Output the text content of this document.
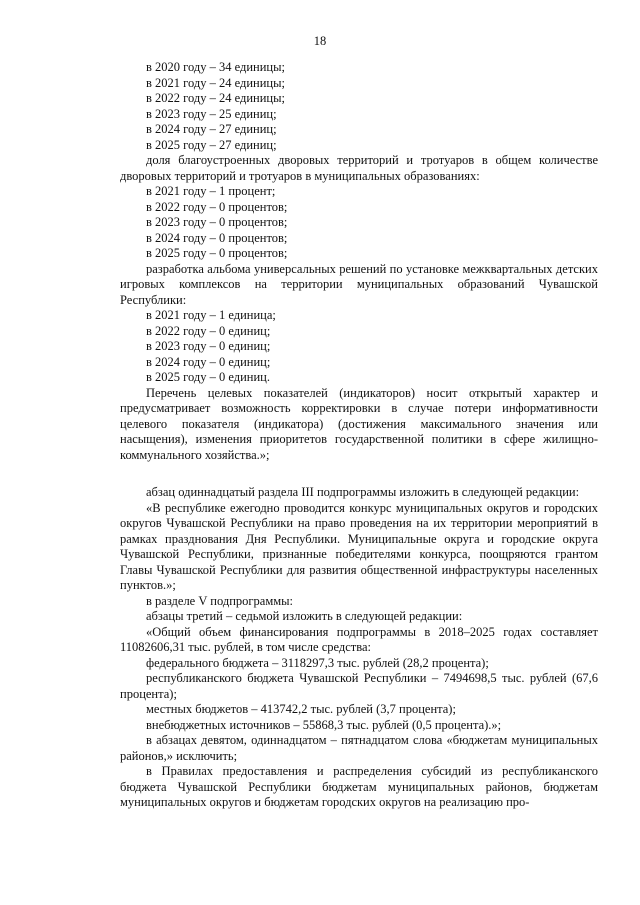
18
в 2020 году – 34 единицы;
в 2021 году – 24 единицы;
в 2022 году – 24 единицы;
в 2023 году – 25 единиц;
в 2024 году – 27 единиц;
в 2025 году – 27 единиц;
доля благоустроенных дворовых территорий и тротуаров в общем количестве дворовых территорий и тротуаров в муниципальных образованиях:
в 2021 году – 1 процент;
в 2022 году – 0 процентов;
в 2023 году – 0 процентов;
в 2024 году – 0 процентов;
в 2025 году – 0 процентов;
разработка альбома универсальных решений по установке межквартальных детских игровых комплексов на территории муниципальных образований Чувашской Республики:
в 2021 году – 1 единица;
в 2022 году – 0 единиц;
в 2023 году – 0 единиц;
в 2024 году – 0 единиц;
в 2025 году – 0 единиц.
Перечень целевых показателей (индикаторов) носит открытый характер и предусматривает возможность корректировки в случае потери информативности целевого показателя (индикатора) (достижения максимального значения или насыщения), изменения приоритетов государственной политики в сфере жилищно-коммунального хозяйства.»;
абзац одиннадцатый раздела III подпрограммы изложить в следующей редакции:
«В республике ежегодно проводится конкурс муниципальных округов и городских округов Чувашской Республики на право проведения на их территории мероприятий в рамках празднования Дня Республики. Муниципальные округа и городские округа Чувашской Республики, признанные победителями конкурса, поощряются грантом Главы Чувашской Республики для развития общественной инфраструктуры населенных пунктов.»;
в разделе V подпрограммы:
абзацы третий – седьмой изложить в следующей редакции:
«Общий объем финансирования подпрограммы в 2018–2025 годах составляет 11082606,31 тыс. рублей, в том числе средства:
федерального бюджета – 3118297,3 тыс. рублей (28,2 процента);
республиканского бюджета Чувашской Республики – 7494698,5 тыс. рублей (67,6 процента);
местных бюджетов – 413742,2 тыс. рублей (3,7 процента);
внебюджетных источников – 55868,3 тыс. рублей (0,5 процента).»;
в абзацах девятом, одиннадцатом – пятнадцатом слова «бюджетам муниципальных районов,» исключить;
в Правилах предоставления и распределения субсидий из республиканского бюджета Чувашской Республики бюджетам муниципальных районов, бюджетам муниципальных округов и бюджетам городских округов на реализацию про-
